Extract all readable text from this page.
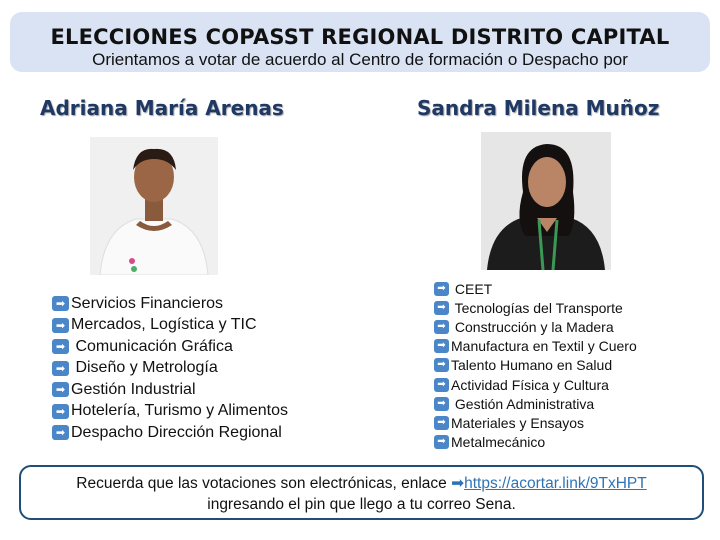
ELECCIONES COPASST REGIONAL DISTRITO CAPITAL

Orientamos a votar de acuerdo al Centro de formación o Despacho por

Adriana María Arenas	Sandra Milena Muñoz
➡ Servicios Financieros
➡ Mercados, Logística y TIC
➡ Comunicación Gráfica
➡ Diseño y Metrología
➡ Gestión Industrial
➡ Hotelería, Turismo y Alimentos
➡ Despacho Dirección Regional
➡ CEET
➡ Tecnologías del Transporte
➡ Construcción y la Madera
➡ Manufactura en Textil y Cuero
➡ Talento Humano en Salud
➡ Actividad Física y Cultura
➡ Gestión Administrativa
➡ Materiales y Ensayos
➡ Metalmecánico
Recuerda que las votaciones son electrónicas, enlace ➡https://acortar.link/9TxHPT
ingresando el pin que llego a tu correo Sena.
